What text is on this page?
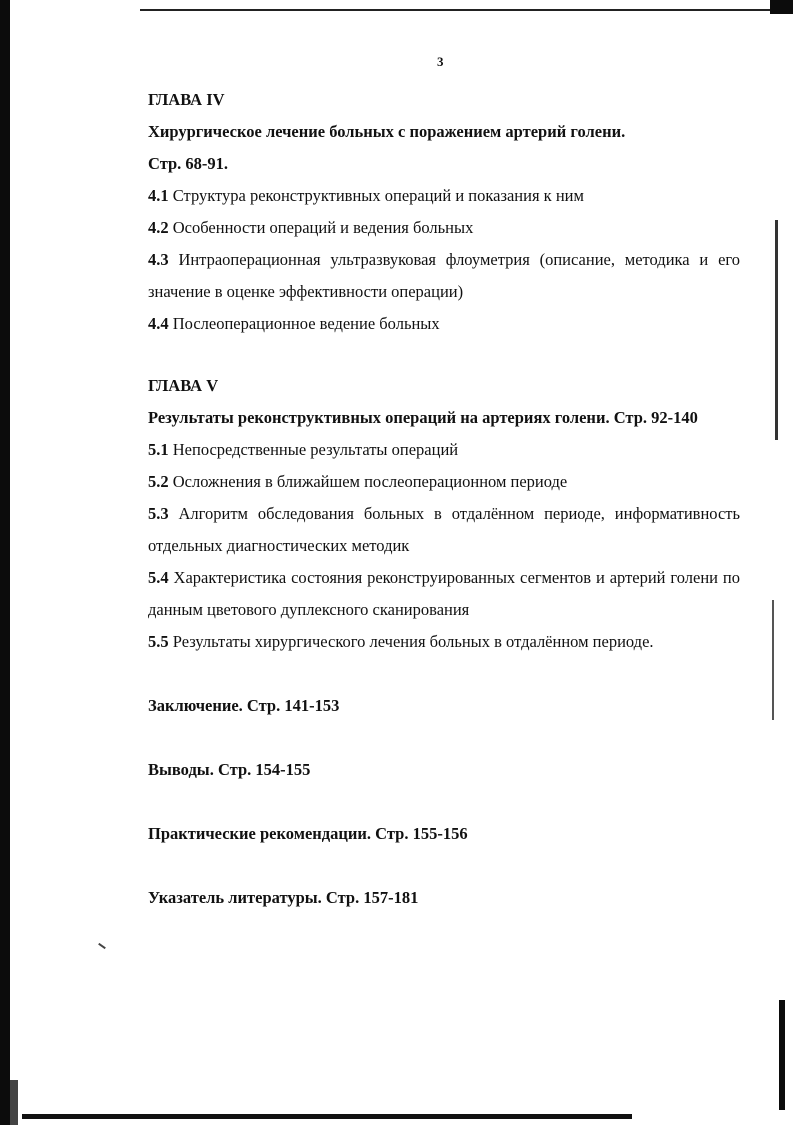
3

ГЛАВА IV

Хирургическое лечение больных с поражением артерий голени.

Стр. 68-91.

4.1 Структура реконструктивных операций и показания к ним

4.2 Особенности операций и ведения больных

4.3 Интраоперационная ультразвуковая флоуметрия (описание, методика и его значение в оценке эффективности операции)

4.4 Послеоперационное ведение больных

ГЛАВА V

Результаты реконструктивных операций на артериях голени. Стр. 92-140

5.1 Непосредственные результаты операций

5.2 Осложнения в ближайшем послеоперационном периоде

5.3 Алгоритм обследования больных в отдалённом периоде, информативность отдельных диагностических методик

5.4 Характеристика состояния реконструированных сегментов и артерий голени по данным цветового дуплексного сканирования

5.5 Результаты хирургического лечения больных в отдалённом периоде.

Заключение. Стр. 141-153

Выводы. Стр. 154-155

Практические рекомендации. Стр. 155-156

Указатель литературы. Стр. 157-181
